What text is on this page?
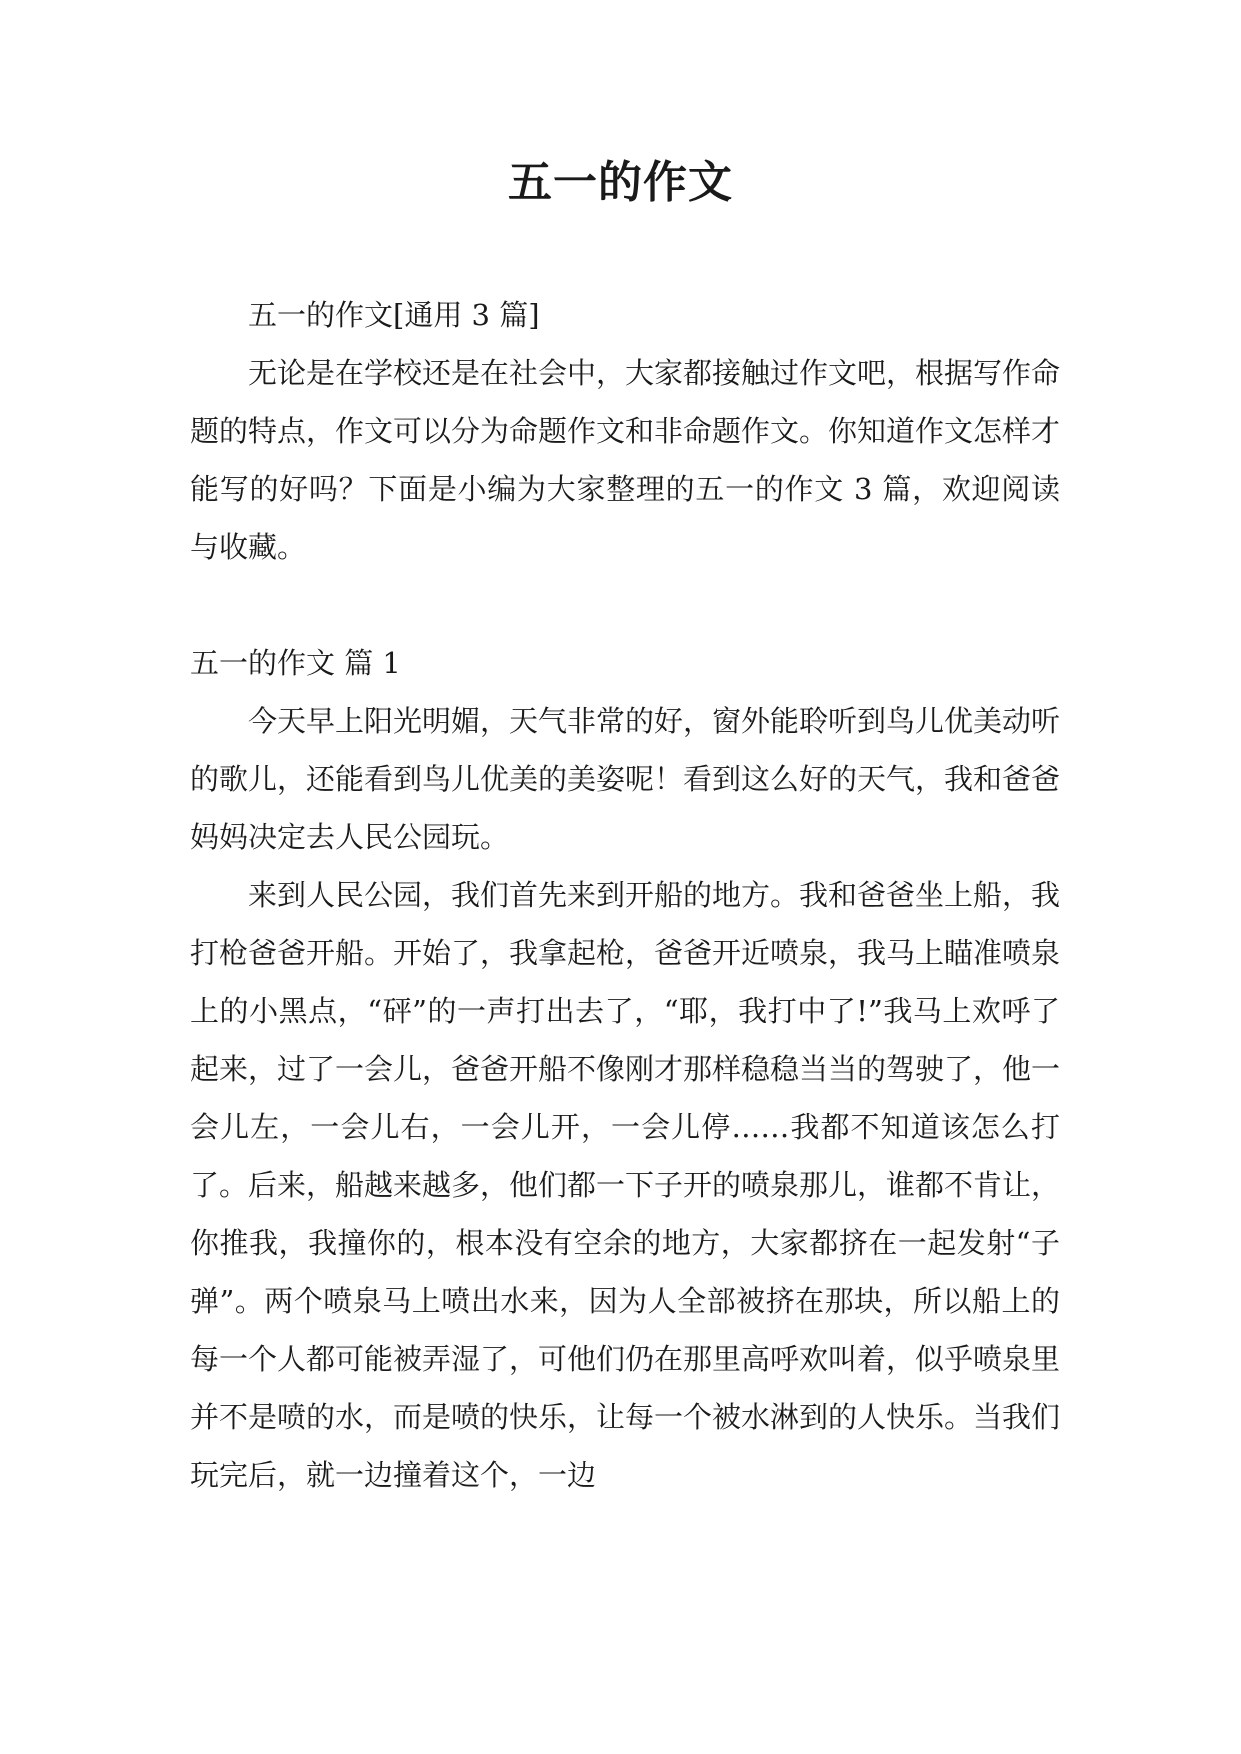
五一的作文

五一的作文[通用 3 篇]

无论是在学校还是在社会中，大家都接触过作文吧，根据写作命题的特点，作文可以分为命题作文和非命题作文。你知道作文怎样才能写的好吗？下面是小编为大家整理的五一的作文 3 篇，欢迎阅读与收藏。

五一的作文 篇 1

今天早上阳光明媚，天气非常的好，窗外能聆听到鸟儿优美动听的歌儿，还能看到鸟儿优美的美姿呢！看到这么好的天气，我和爸爸妈妈决定去人民公园玩。

来到人民公园，我们首先来到开船的地方。我和爸爸坐上船，我打枪爸爸开船。开始了，我拿起枪，爸爸开近喷泉，我马上瞄准喷泉上的小黑点，“砰”的一声打出去了，“耶，我打中了!”我马上欢呼了起来，过了一会儿，爸爸开船不像刚才那样稳稳当当的驾驶了，他一会儿左，一会儿右，一会儿开，一会儿停……我都不知道该怎么打了。后来，船越来越多，他们都一下子开的喷泉那儿，谁都不肯让，你推我，我撞你的，根本没有空余的地方，大家都挤在一起发射“子弹”。两个喷泉马上喷出水来，因为人全部被挤在那块，所以船上的每一个人都可能被弄湿了，可他们仍在那里高呼欢叫着，似乎喷泉里并不是喷的水，而是喷的快乐，让每一个被水淋到的人快乐。当我们玩完后，就一边撞着这个，一边
